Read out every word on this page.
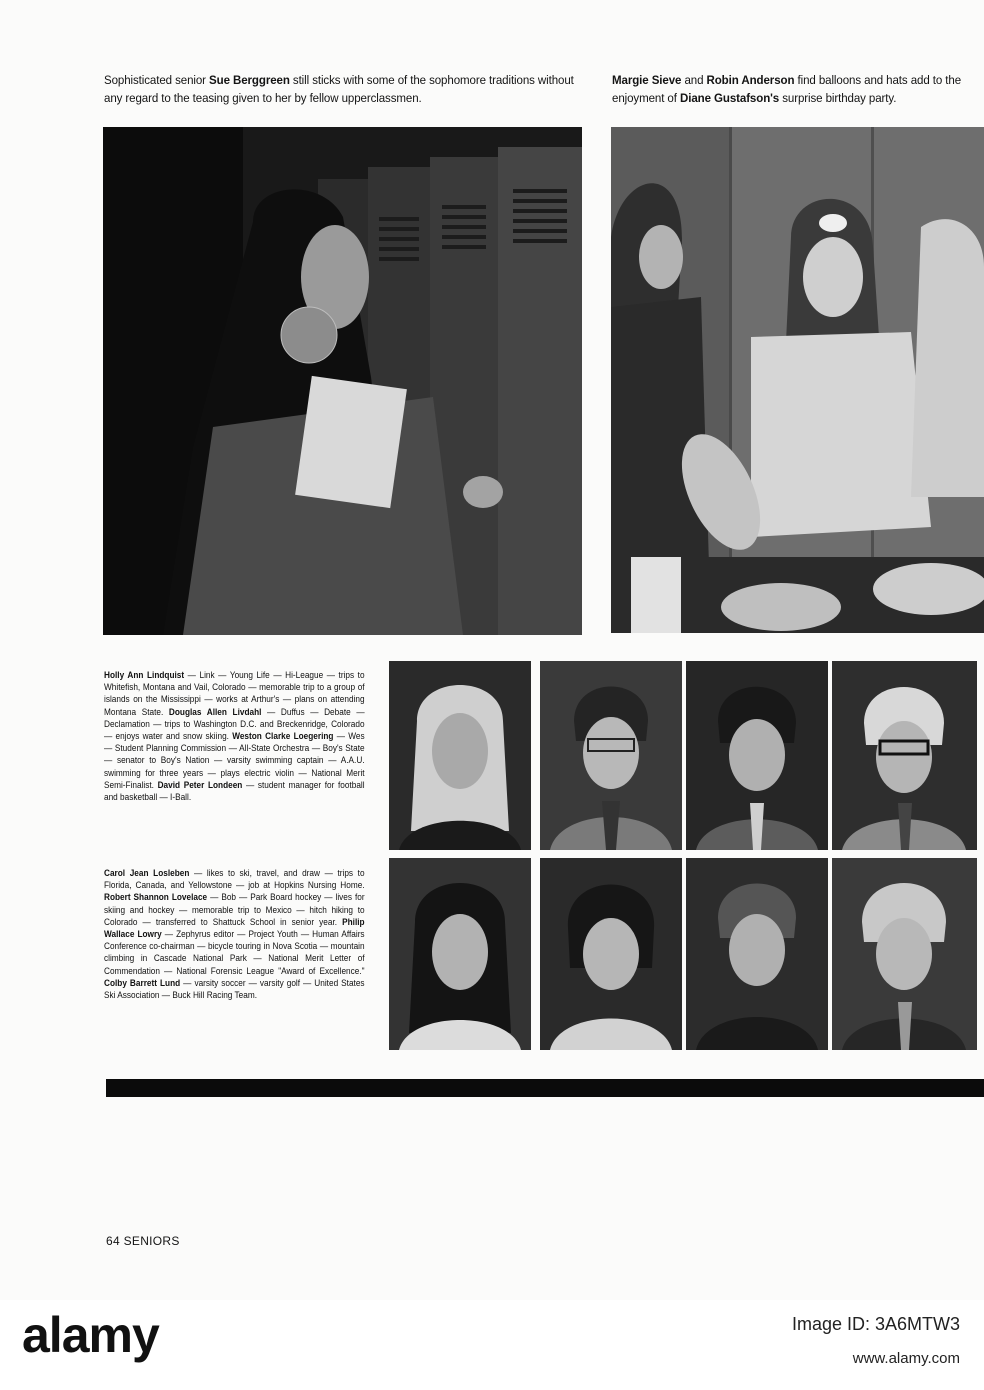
Sophisticated senior Sue Berggreen still sticks with some of the sophomore traditions without any regard to the teasing given to her by fellow upperclassmen.
Margie Sieve and Robin Anderson find balloons and hats add to the enjoyment of Diane Gustafson's surprise birthday party.
Holly Ann Lindquist — Link — Young Life — Hi-League — trips to Whitefish, Montana and Vail, Colorado — memorable trip to a group of islands on the Mississippi — works at Arthur's — plans on attending Montana State. Douglas Allen Livdahl — Duffus — Debate — Declamation — trips to Washington D.C. and Breckenridge, Colorado — enjoys water and snow skiing. Weston Clarke Loegering — Wes — Student Planning Commission — All-State Orchestra — Boy's State — senator to Boy's Nation — varsity swimming captain — A.A.U. swimming for three years — plays electric violin — National Merit Semi-Finalist. David Peter Londeen — student manager for football and basketball — I-Ball.
Carol Jean Losleben — likes to ski, travel, and draw — trips to Florida, Canada, and Yellowstone — job at Hopkins Nursing Home. Robert Shannon Lovelace — Bob — Park Board hockey — lives for skiing and hockey — memorable trip to Mexico — hitch hiking to Colorado — transferred to Shattuck School in senior year. Philip Wallace Lowry — Zephyrus editor — Project Youth — Human Affairs Conference co-chairman — bicycle touring in Nova Scotia — mountain climbing in Cascade National Park — National Merit Letter of Commendation — National Forensic League "Award of Excellence." Colby Barrett Lund — varsity soccer — varsity golf — United States Ski Association — Buck Hill Racing Team.
64 SENIORS
alamy	Image ID: 3A6MTW3
www.alamy.com
